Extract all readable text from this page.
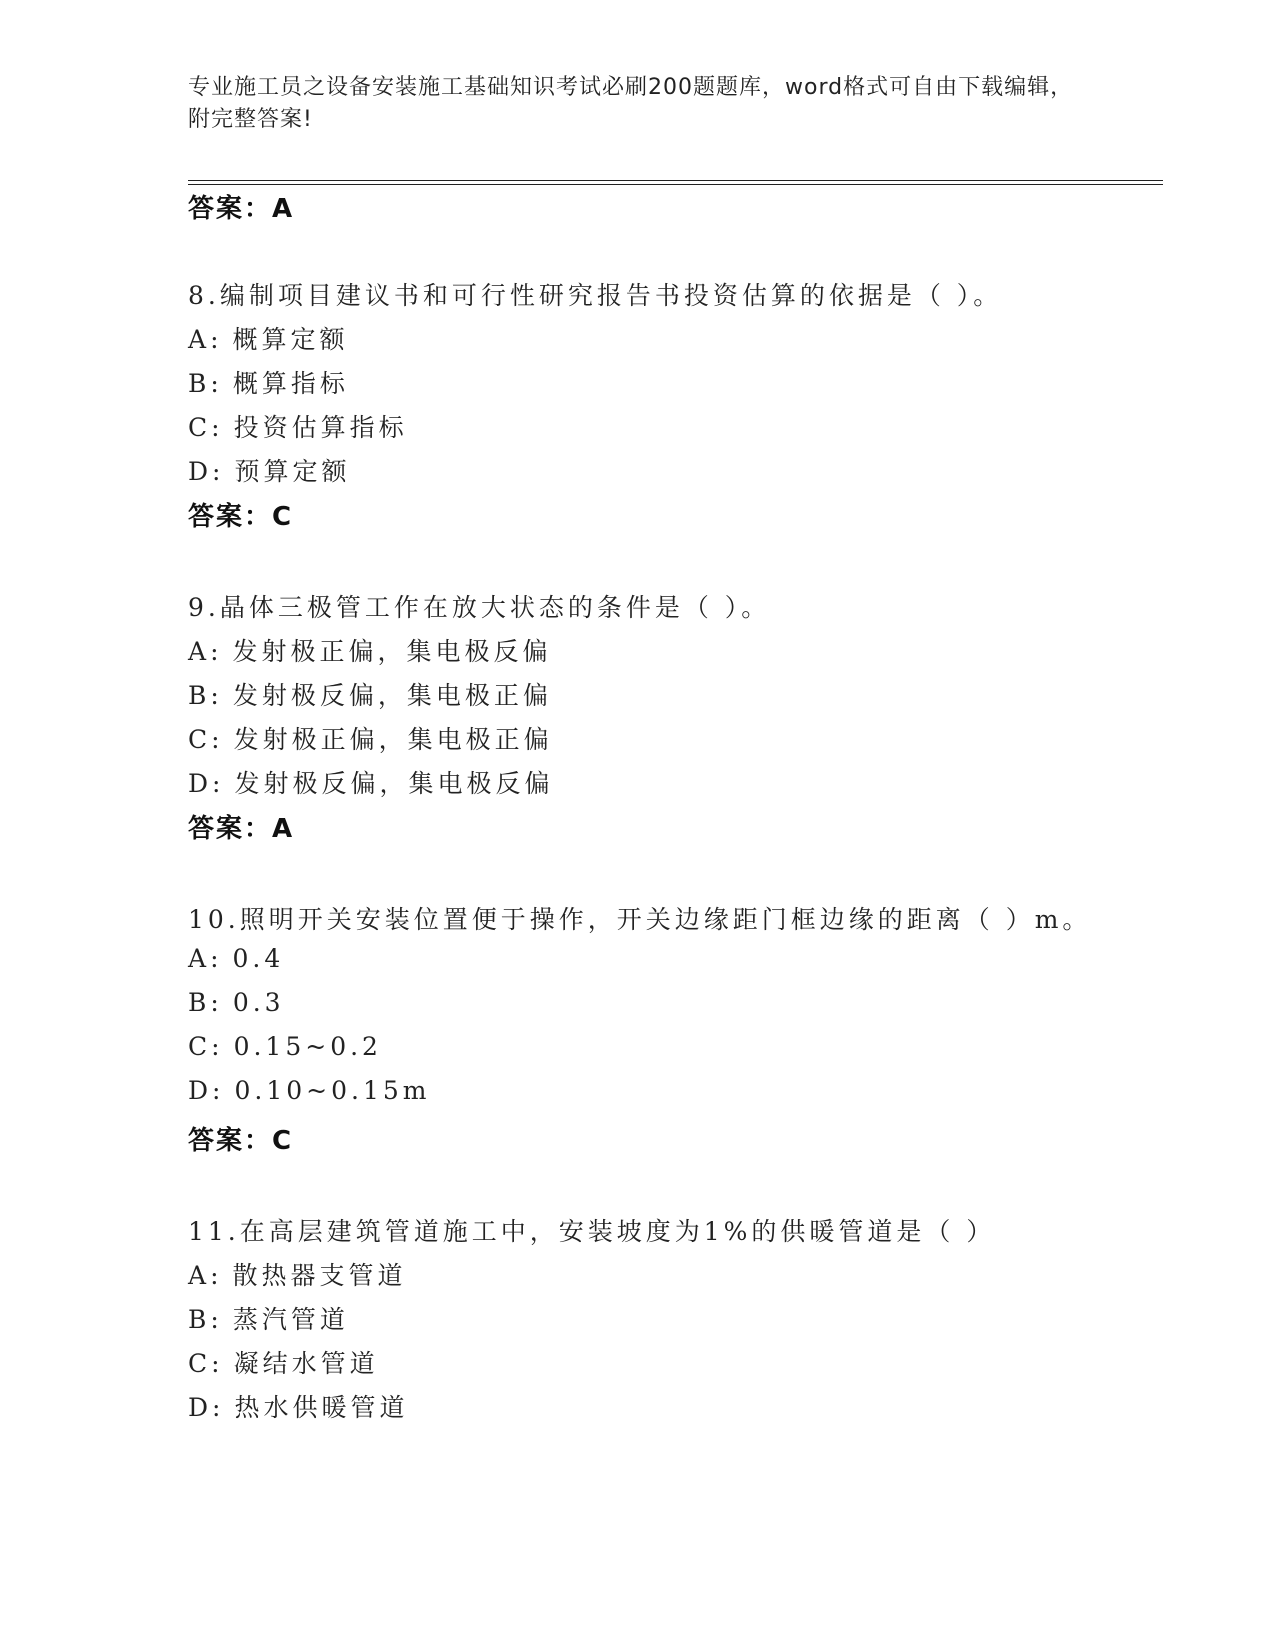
专业施工员之设备安装施工基础知识考试必刷200题题库，word格式可自由下载编辑，附完整答案!
答案：A
8.编制项目建议书和可行性研究报告书投资估算的依据是（ ）。
A: 概算定额
B: 概算指标
C: 投资估算指标
D: 预算定额
答案：C
9.晶体三极管工作在放大状态的条件是（ ）。
A: 发射极正偏，集电极反偏
B: 发射极反偏，集电极正偏
C: 发射极正偏，集电极正偏
D: 发射极反偏，集电极反偏
答案：A
10.照明开关安装位置便于操作，开关边缘距门框边缘的距离（ ）m。
A: 0.4
B: 0.3
C: 0.15~0.2
D: 0.10~0.15m
答案：C
11.在高层建筑管道施工中，安装坡度为1%的供暖管道是（ ）
A: 散热器支管道
B: 蒸汽管道
C: 凝结水管道
D: 热水供暖管道
